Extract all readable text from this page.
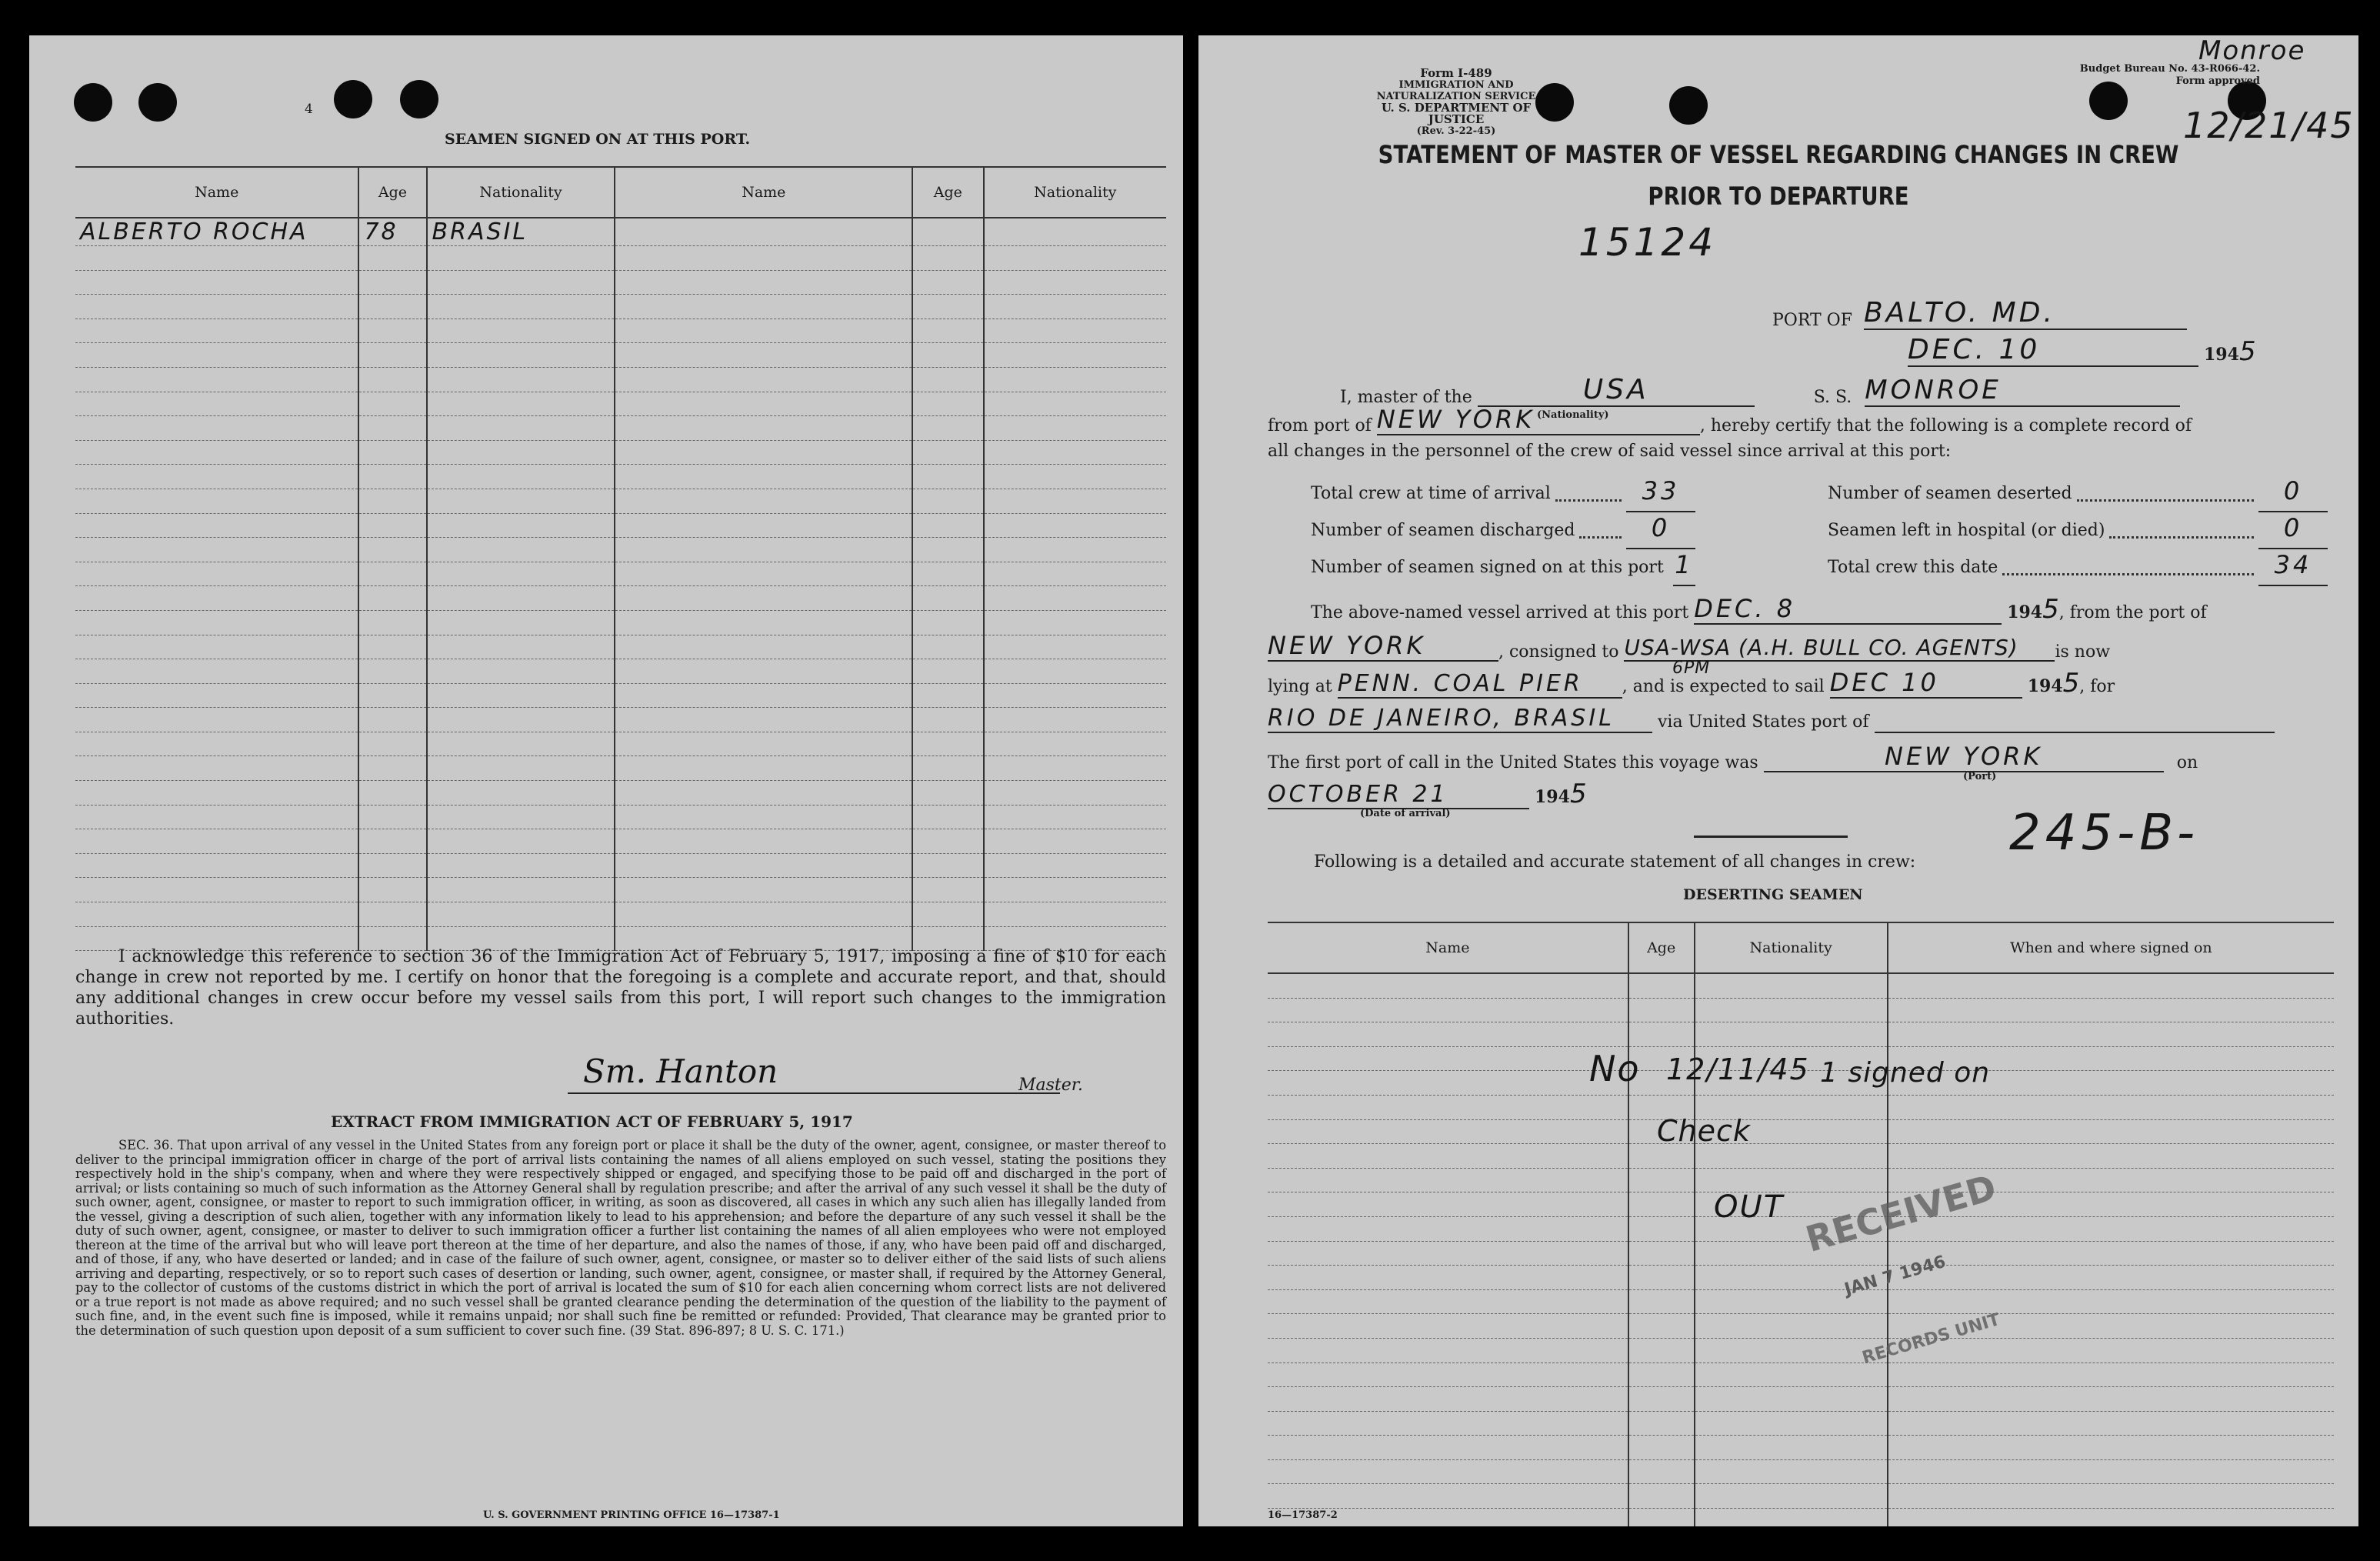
4
SEAMEN SIGNED ON AT THIS PORT.
Name	Age	Nationality	Name	Age	Nationality
ALBERTO ROCHA	78	BRASIL			

I acknowledge this reference to section 36 of the Immigration Act of February 5, 1917, imposing a fine of $10 for each change in crew not reported by me. I certify on honor that the foregoing is a complete and accurate report, and that, should any additional changes in crew occur before my vessel sails from this port, I will report such changes to the immigration authorities.
Sm. Hanton	Master.
EXTRACT FROM IMMIGRATION ACT OF FEBRUARY 5, 1917
SEC. 36. That upon arrival of any vessel in the United States from any foreign port or place it shall be the duty of the owner, agent, consignee, or master thereof to deliver to the principal immigration officer in charge of the port of arrival lists containing the names of all aliens employed on such vessel, stating the positions they respectively hold in the ship's company, when and where they were respectively shipped or engaged, and specifying those to be paid off and discharged in the port of arrival; or lists containing so much of such information as the Attorney General shall by regulation prescribe; and after the arrival of any such vessel it shall be the duty of such owner, agent, consignee, or master to report to such immigration officer, in writing, as soon as discovered, all cases in which any such alien has illegally landed from the vessel, giving a description of such alien, together with any information likely to lead to his apprehension; and before the departure of any such vessel it shall be the duty of such owner, agent, consignee, or master to deliver to such immigration officer a further list containing the names of all alien employees who were not employed thereon at the time of the arrival but who will leave port thereon at the time of her departure, and also the names of those, if any, who have been paid off and discharged, and of those, if any, who have deserted or landed; and in case of the failure of such owner, agent, consignee, or master so to deliver either of the said lists of such aliens arriving and departing, respectively, or so to report such cases of desertion or landing, such owner, agent, consignee, or master shall, if required by the Attorney General, pay to the collector of customs of the customs district in which the port of arrival is located the sum of $10 for each alien concerning whom correct lists are not delivered or a true report is not made as above required; and no such vessel shall be granted clearance pending the determination of the question of the liability to the payment of such fine, and, in the event such fine is imposed, while it remains unpaid; nor shall such fine be remitted or refunded: Provided, That clearance may be granted prior to the determination of such question upon deposit of a sum sufficient to cover such fine. (39 Stat. 896-897; 8 U. S. C. 171.)
U. S. GOVERNMENT PRINTING OFFICE 16—17387-1
Form I-489
IMMIGRATION AND NATURALIZATION SERVICE
U. S. DEPARTMENT OF JUSTICE
(Rev. 3-22-45)
Budget Bureau No. 43-R066-42.
Form approved
Monroe
12/21/45
STATEMENT OF MASTER OF VESSEL REGARDING CHANGES IN CREW
PRIOR TO DEPARTURE
15124
PORT OF BALTO. MD.
DEC. 10	1945
I, master of the	USA	S. S. MONROE
(Nationality)
from port of NEW YORK	, hereby certify that the following is a complete record of
all changes in the personnel of the crew of said vessel since arrival at this port:
Total crew at time of arrival	33
Number of seamen discharged	0
Number of seamen signed on at this port 1
Number of seamen deserted	0
Seamen left in hospital (or died)	0
Total crew this date	34
The above-named vessel arrived at this port DEC. 8	1945, from the port of
NEW YORK	, consigned to USA-WSA (A.H. BULL CO. AGENTS) is now
lying at PENN. COAL PIER , and is expected to sail DEC 10	1945, for
6PM
RIO DE JANEIRO, BRASIL	via United States port of
The first port of call in the United States this voyage was	NEW YORK	on
(Port)
OCTOBER 21	1945
(Date of arrival)	245-B-
Following is a detailed and accurate statement of all changes in crew:
DESERTING SEAMEN
Name	Age	Nationality	When and where signed on

No 12/11/45 1 signed on
Check
OUT RECEIVED
JAN 7 1946
RECORDS UNIT
16—17387-2
